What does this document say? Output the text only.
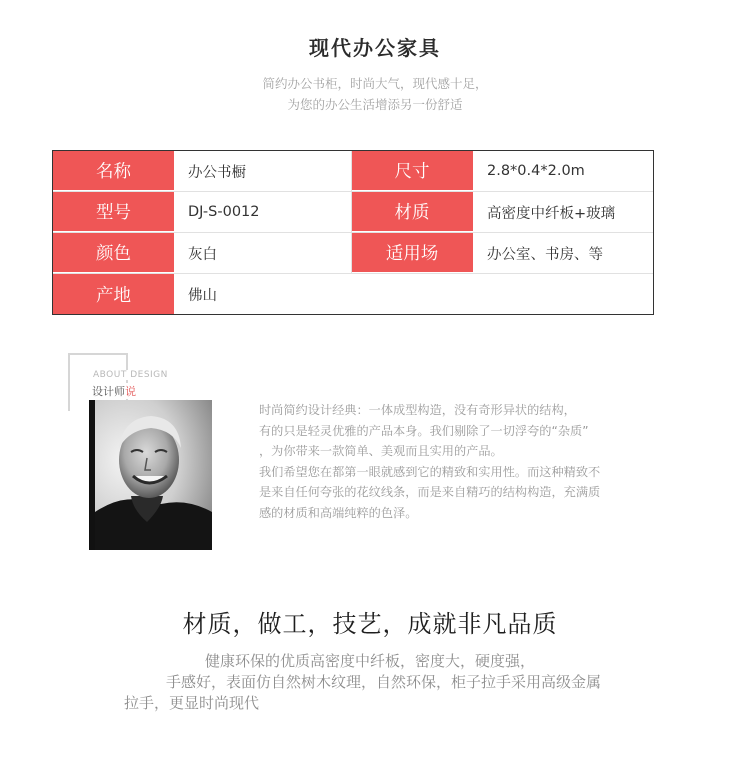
现代办公家具
简约办公书柜，时尚大气，现代感十足，
为您的办公生活增添另一份舒适
名称	办公书橱	尺寸	2.8*0.4*2.0m
型号	DJ-S-0012	材质	高密度中纤板+玻璃
颜色	灰白	适用场	办公室、书房、等
产地	佛山
ABOUT DESIGN
设计师说

时尚简约设计经典：一体成型构造，没有奇形异状的结构，

有的只是轻灵优雅的产品本身。我们剔除了一切浮夸的“杂质”

，为你带来一款简单、美观而且实用的产品。

我们希望您在都第一眼就感到它的精致和实用性。而这种精致不

是来自任何夸张的花纹线条，而是来自精巧的结构构造，充满质

感的材质和高端纯粹的色泽。

材质，做工，技艺，成就非凡品质
健康环保的优质高密度中纤板，密度大，硬度强，
手感好，表面仿自然树木纹理，自然环保，柜子拉手采用高级金属
拉手，更显时尚现代
